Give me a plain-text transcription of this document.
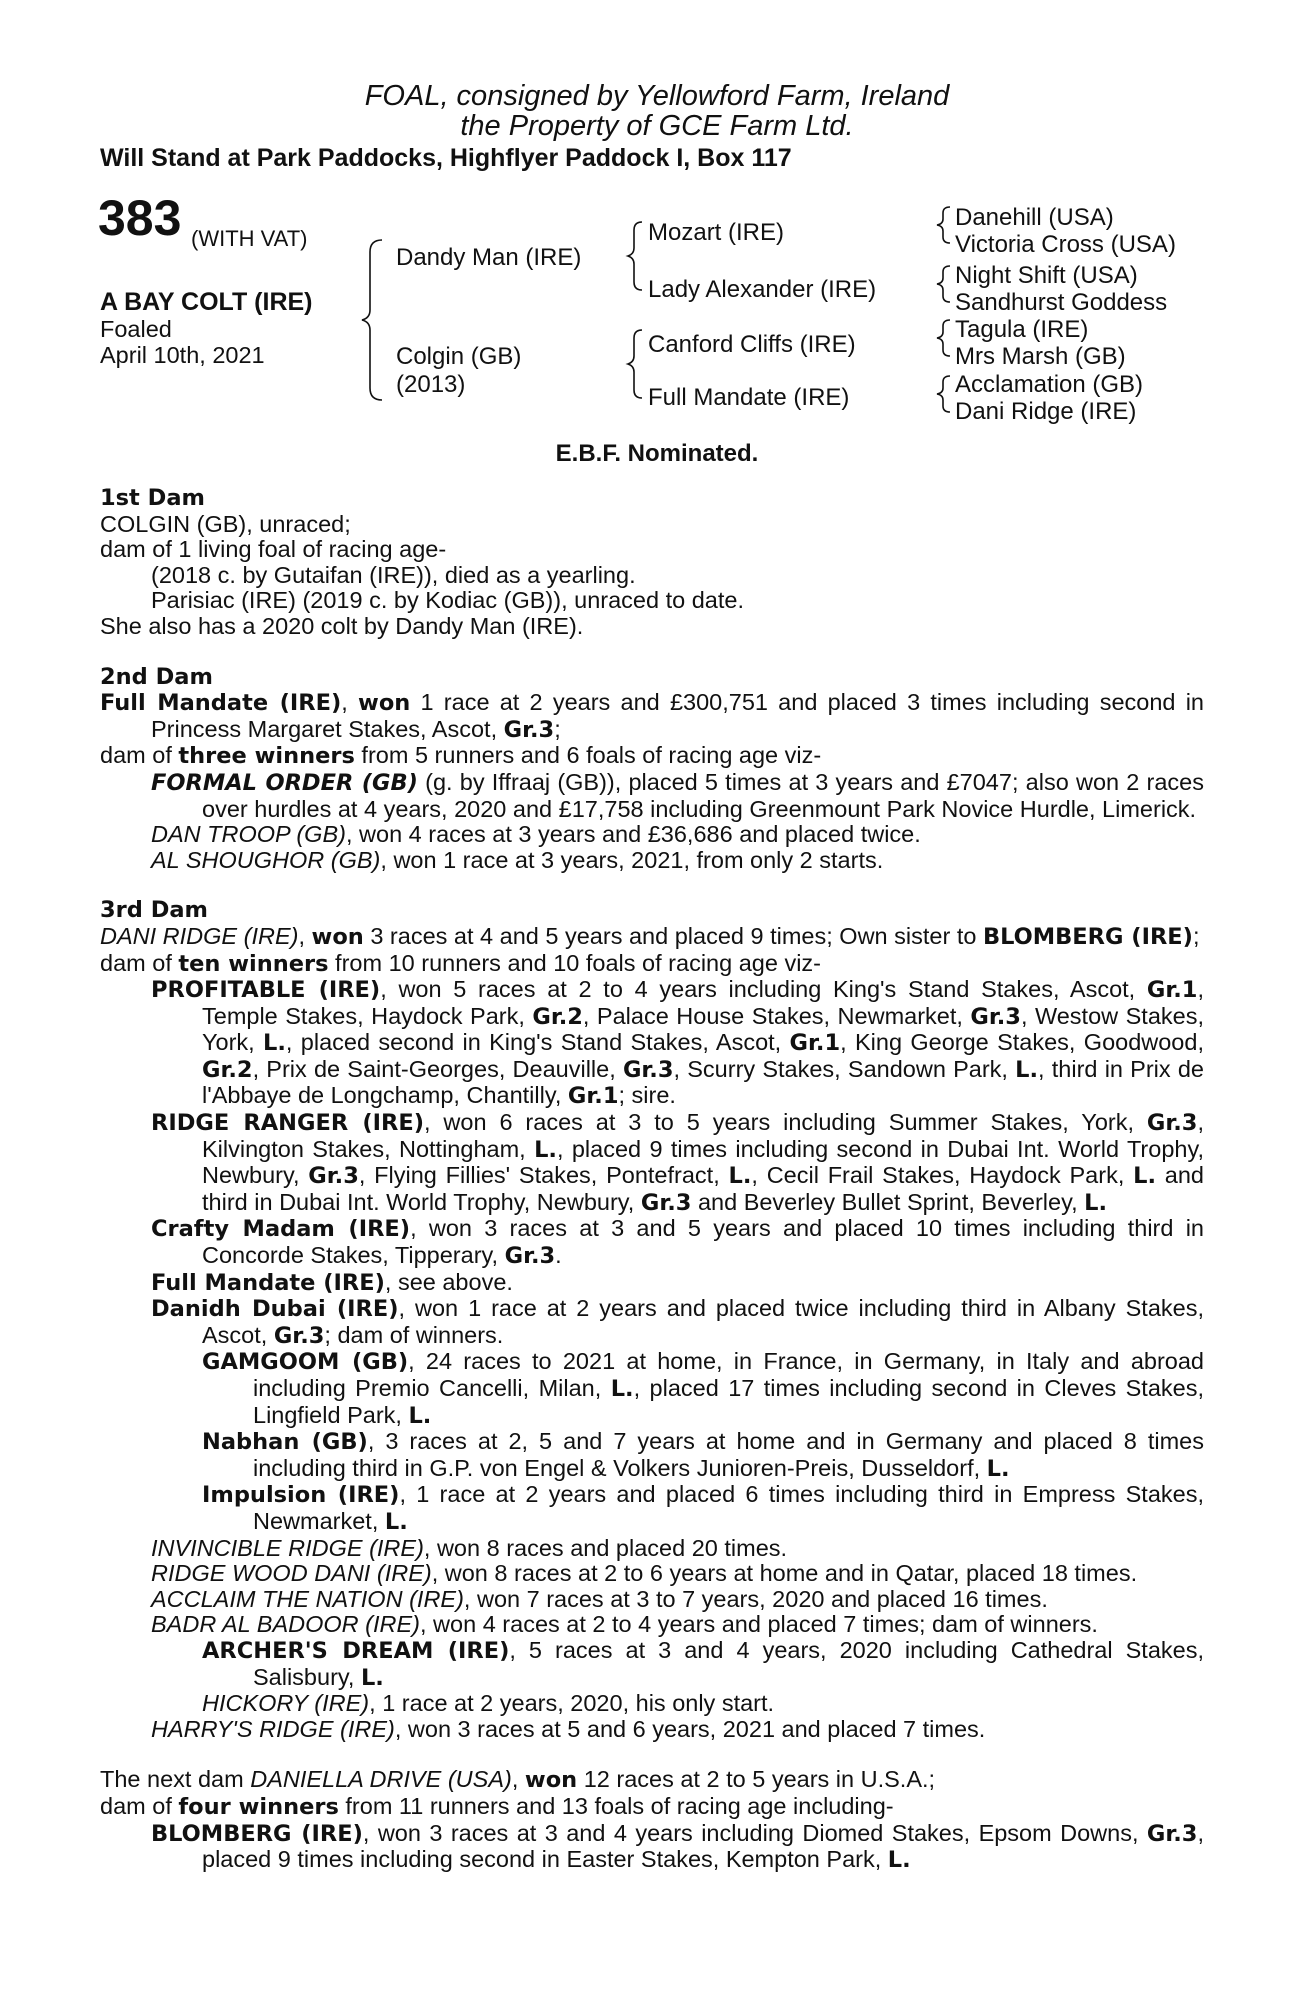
FOAL, consigned by Yellowford Farm, Ireland
the Property of GCE Farm Ltd.
Will Stand at Park Paddocks, Highflyer Paddock I, Box 117
383 (WITH VAT)
A BAY COLT (IRE)
Foaled
April 10th, 2021
Dandy Man (IRE)
Colgin (GB)
(2013)
Mozart (IRE)
Lady Alexander (IRE)
Canford Cliffs (IRE)
Full Mandate (IRE)
Danehill (USA)
Victoria Cross (USA)
Night Shift (USA)
Sandhurst Goddess
Tagula (IRE)
Mrs Marsh (GB)
Acclamation (GB)
Dani Ridge (IRE)
E.B.F. Nominated.

1st Dam

COLGIN (GB), unraced;

dam of 1 living foal of racing age-

(2018 c. by Gutaifan (IRE)), died as a yearling.

Parisiac (IRE) (2019 c. by Kodiac (GB)), unraced to date.

She also has a 2020 colt by Dandy Man (IRE).

2nd Dam

Full Mandate (IRE), won 1 race at 2 years and £300,751 and placed 3 times including second in Princess Margaret Stakes, Ascot, Gr.3;

dam of three winners from 5 runners and 6 foals of racing age viz-

FORMAL ORDER (GB) (g. by Iffraaj (GB)), placed 5 times at 3 years and £7047; also won 2 races over hurdles at 4 years, 2020 and £17,758 including Greenmount Park Novice Hurdle, Limerick.

DAN TROOP (GB), won 4 races at 3 years and £36,686 and placed twice.

AL SHOUGHOR (GB), won 1 race at 3 years, 2021, from only 2 starts.

3rd Dam

DANI RIDGE (IRE), won 3 races at 4 and 5 years and placed 9 times; Own sister to BLOMBERG (IRE);

dam of ten winners from 10 runners and 10 foals of racing age viz-

PROFITABLE (IRE), won 5 races at 2 to 4 years including King's Stand Stakes, Ascot, Gr.1, Temple Stakes, Haydock Park, Gr.2, Palace House Stakes, Newmarket, Gr.3, Westow Stakes, York, L., placed second in King's Stand Stakes, Ascot, Gr.1, King George Stakes, Goodwood, Gr.2, Prix de Saint-Georges, Deauville, Gr.3, Scurry Stakes, Sandown Park, L., third in Prix de l'Abbaye de Longchamp, Chantilly, Gr.1; sire.

RIDGE RANGER (IRE), won 6 races at 3 to 5 years including Summer Stakes, York, Gr.3, Kilvington Stakes, Nottingham, L., placed 9 times including second in Dubai Int. World Trophy, Newbury, Gr.3, Flying Fillies' Stakes, Pontefract, L., Cecil Frail Stakes, Haydock Park, L. and third in Dubai Int. World Trophy, Newbury, Gr.3 and Beverley Bullet Sprint, Beverley, L.

Crafty Madam (IRE), won 3 races at 3 and 5 years and placed 10 times including third in Concorde Stakes, Tipperary, Gr.3.

Full Mandate (IRE), see above.

Danidh Dubai (IRE), won 1 race at 2 years and placed twice including third in Albany Stakes, Ascot, Gr.3; dam of winners.

GAMGOOM (GB), 24 races to 2021 at home, in France, in Germany, in Italy and abroad including Premio Cancelli, Milan, L., placed 17 times including second in Cleves Stakes, Lingfield Park, L.

Nabhan (GB), 3 races at 2, 5 and 7 years at home and in Germany and placed 8 times including third in G.P. von Engel & Volkers Junioren-Preis, Dusseldorf, L.

Impulsion (IRE), 1 race at 2 years and placed 6 times including third in Empress Stakes, Newmarket, L.

INVINCIBLE RIDGE (IRE), won 8 races and placed 20 times.

RIDGE WOOD DANI (IRE), won 8 races at 2 to 6 years at home and in Qatar, placed 18 times.

ACCLAIM THE NATION (IRE), won 7 races at 3 to 7 years, 2020 and placed 16 times.

BADR AL BADOOR (IRE), won 4 races at 2 to 4 years and placed 7 times; dam of winners.

ARCHER'S DREAM (IRE), 5 races at 3 and 4 years, 2020 including Cathedral Stakes, Salisbury, L.

HICKORY (IRE), 1 race at 2 years, 2020, his only start.

HARRY'S RIDGE (IRE), won 3 races at 5 and 6 years, 2021 and placed 7 times.

The next dam DANIELLA DRIVE (USA), won 12 races at 2 to 5 years in U.S.A.;

dam of four winners from 11 runners and 13 foals of racing age including-

BLOMBERG (IRE), won 3 races at 3 and 4 years including Diomed Stakes, Epsom Downs, Gr.3, placed 9 times including second in Easter Stakes, Kempton Park, L.
